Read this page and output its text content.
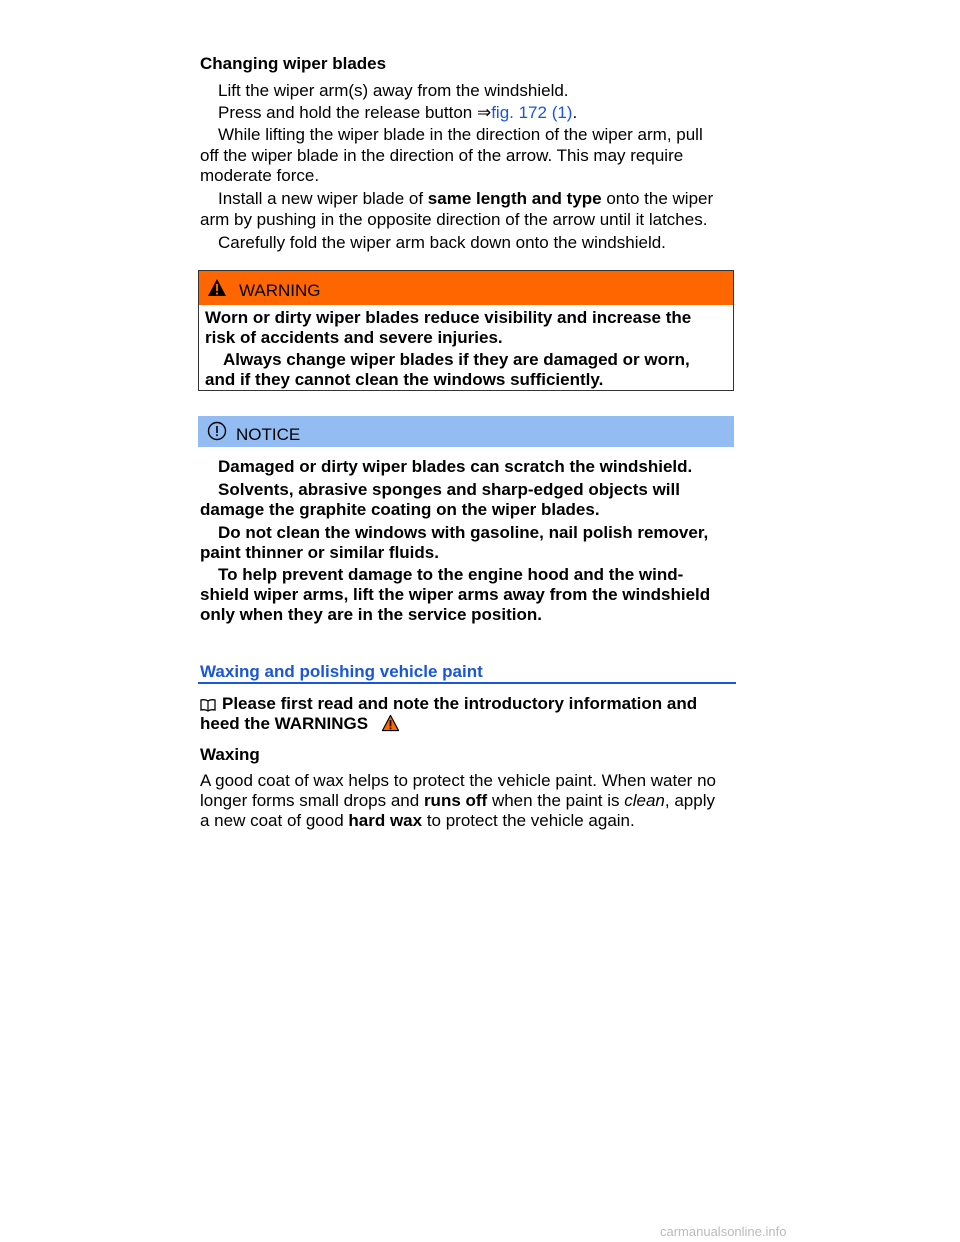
Changing wiper blades
Lift the wiper arm(s) away from the windshield.
Press and hold the release button ⇒fig. 172 (1).
While lifting the wiper blade in the direction of the wiper arm, pull
off the wiper blade in the direction of the arrow. This may require
moderate force.
Install a new wiper blade of same length and type onto the wiper
arm by pushing in the opposite direction of the arrow until it latches.
Carefully fold the wiper arm back down onto the windshield.
WARNING
Worn or dirty wiper blades reduce visibility and increase the
risk of accidents and severe injuries.
Always change wiper blades if they are damaged or worn,
and if they cannot clean the windows sufficiently.
NOTICE
Damaged or dirty wiper blades can scratch the windshield.
Solvents, abrasive sponges and sharp-edged objects will
damage the graphite coating on the wiper blades.
Do not clean the windows with gasoline, nail polish remover,
paint thinner or similar fluids.
To help prevent damage to the engine hood and the wind-
shield wiper arms, lift the wiper arms away from the windshield
only when they are in the service position.
Waxing and polishing vehicle paint
Please first read and note the introductory information and
heed the WARNINGS
Waxing
A good coat of wax helps to protect the vehicle paint. When water no
longer forms small drops and runs off when the paint is clean, apply
a new coat of good hard wax to protect the vehicle again.
carmanualsonline.info
